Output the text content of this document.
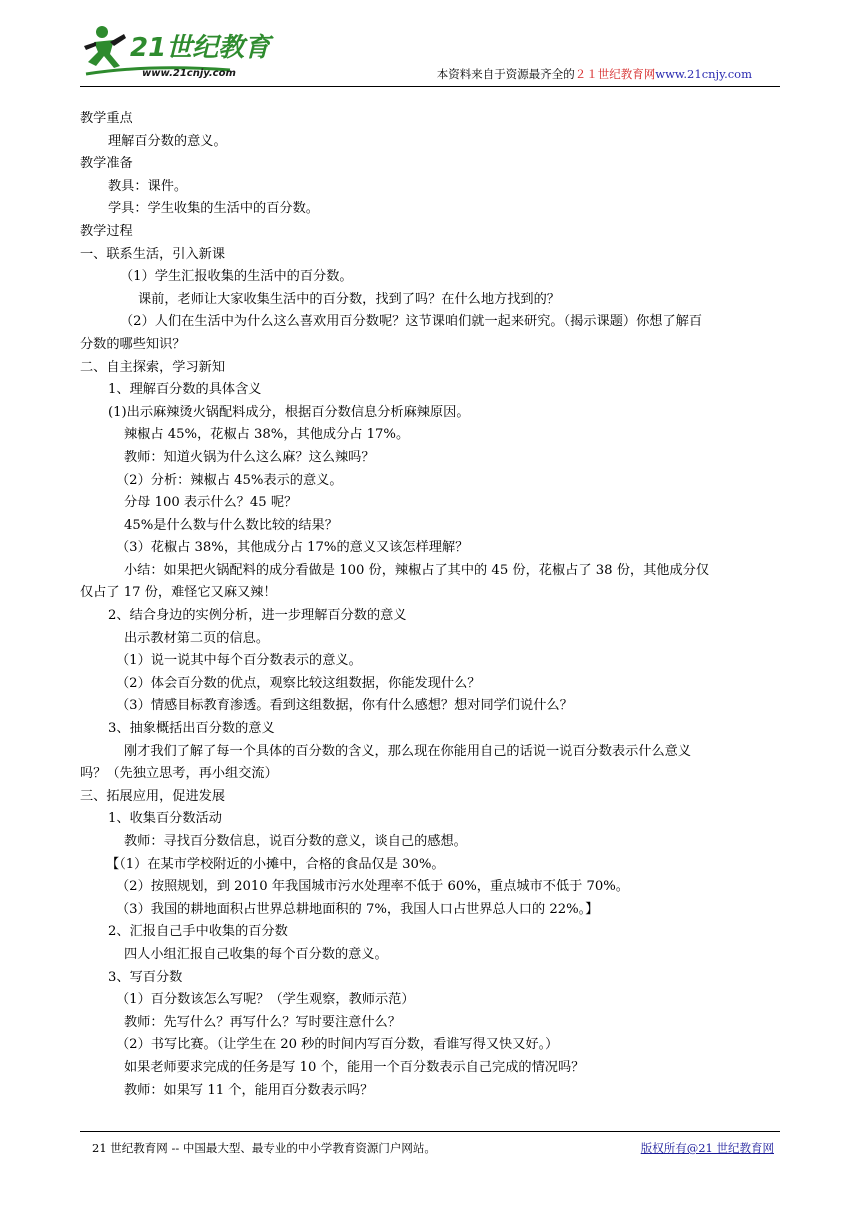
21世纪教育
www.21cnjy.com	本资料来自于资源最齐全的２１世纪教育网www.21cnjy.com
教学重点
理解百分数的意义。
教学准备
教具：课件。
学具：学生收集的生活中的百分数。
教学过程
一、联系生活，引入新课
（1）学生汇报收集的生活中的百分数。
课前，老师让大家收集生活中的百分数，找到了吗？在什么地方找到的？
（2）人们在生活中为什么这么喜欢用百分数呢？这节课咱们就一起来研究。（揭示课题）你想了解百
分数的哪些知识？
二、自主探索，学习新知
1、理解百分数的具体含义
(1)出示麻辣烫火锅配料成分，根据百分数信息分析麻辣原因。
辣椒占 45%，花椒占 38%，其他成分占 17%。
教师：知道火锅为什么这么麻？这么辣吗？
（2）分析：辣椒占 45%表示的意义。
分母 100 表示什么？45 呢？
45%是什么数与什么数比较的结果？
（3）花椒占 38%，其他成分占 17%的意义又该怎样理解？
小结：如果把火锅配料的成分看做是 100 份，辣椒占了其中的 45 份，花椒占了 38 份，其他成分仅
仅占了 17 份，难怪它又麻又辣！
2、结合身边的实例分析，进一步理解百分数的意义
出示教材第二页的信息。
（1）说一说其中每个百分数表示的意义。
（2）体会百分数的优点，观察比较这组数据，你能发现什么？
（3）情感目标教育渗透。看到这组数据，你有什么感想？想对同学们说什么？
3、抽象概括出百分数的意义
刚才我们了解了每一个具体的百分数的含义，那么现在你能用自己的话说一说百分数表示什么意义
吗？（先独立思考，再小组交流）
三、拓展应用，促进发展
1、收集百分数活动
教师：寻找百分数信息，说百分数的意义，谈自己的感想。
【（1）在某市学校附近的小摊中，合格的食品仅是 30%。
（2）按照规划，到 2010 年我国城市污水处理率不低于 60%，重点城市不低于 70%。
（3）我国的耕地面积占世界总耕地面积的 7%，我国人口占世界总人口的 22%。】
2、汇报自己手中收集的百分数
四人小组汇报自己收集的每个百分数的意义。
3、写百分数
（1）百分数该怎么写呢？（学生观察，教师示范）
教师：先写什么？再写什么？写时要注意什么？
（2）书写比赛。（让学生在 20 秒的时间内写百分数，看谁写得又快又好。）
如果老师要求完成的任务是写 10 个，能用一个百分数表示自己完成的情况吗？
教师：如果写 11 个，能用百分数表示吗？
21 世纪教育网 -- 中国最大型、最专业的中小学教育资源门户网站。	版权所有@21 世纪教育网
